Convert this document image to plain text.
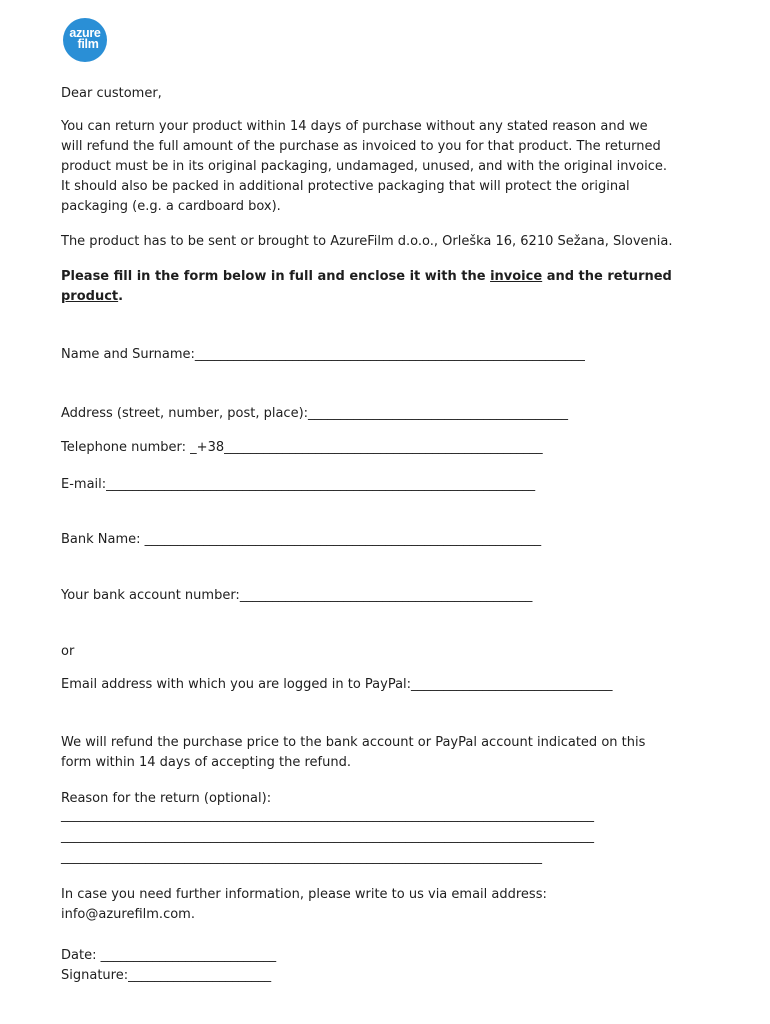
azure
film
Dear customer,
You can return your product within 14 days of purchase without any stated reason and we
will refund the full amount of the purchase as invoiced to you for that product. The returned
product must be in its original packaging, undamaged, unused, and with the original invoice.
It should also be packed in additional protective packaging that will protect the original
packaging (e.g. a cardboard box).
The product has to be sent or brought to AzureFilm d.o.o., Orleška 16, 6210 Sežana, Slovenia.
Please fill in the form below in full and enclose it with the invoice and the returned
product.
Name and Surname:____________________________________________________________
Address (street, number, post, place):________________________________________
Telephone number: _+38_________________________________________________
E-mail:__________________________________________________________________
Bank Name: _____________________________________________________________
Your bank account number:_____________________________________________
or
Email address with which you are logged in to PayPal:_______________________________
We will refund the purchase price to the bank account or PayPal account indicated on this
form within 14 days of accepting the refund.
Reason for the return (optional):
__________________________________________________________________________________
__________________________________________________________________________________
__________________________________________________________________________
In case you need further information, please write to us via email address:
info@azurefilm.com.
Date: ___________________________
Signature:______________________
